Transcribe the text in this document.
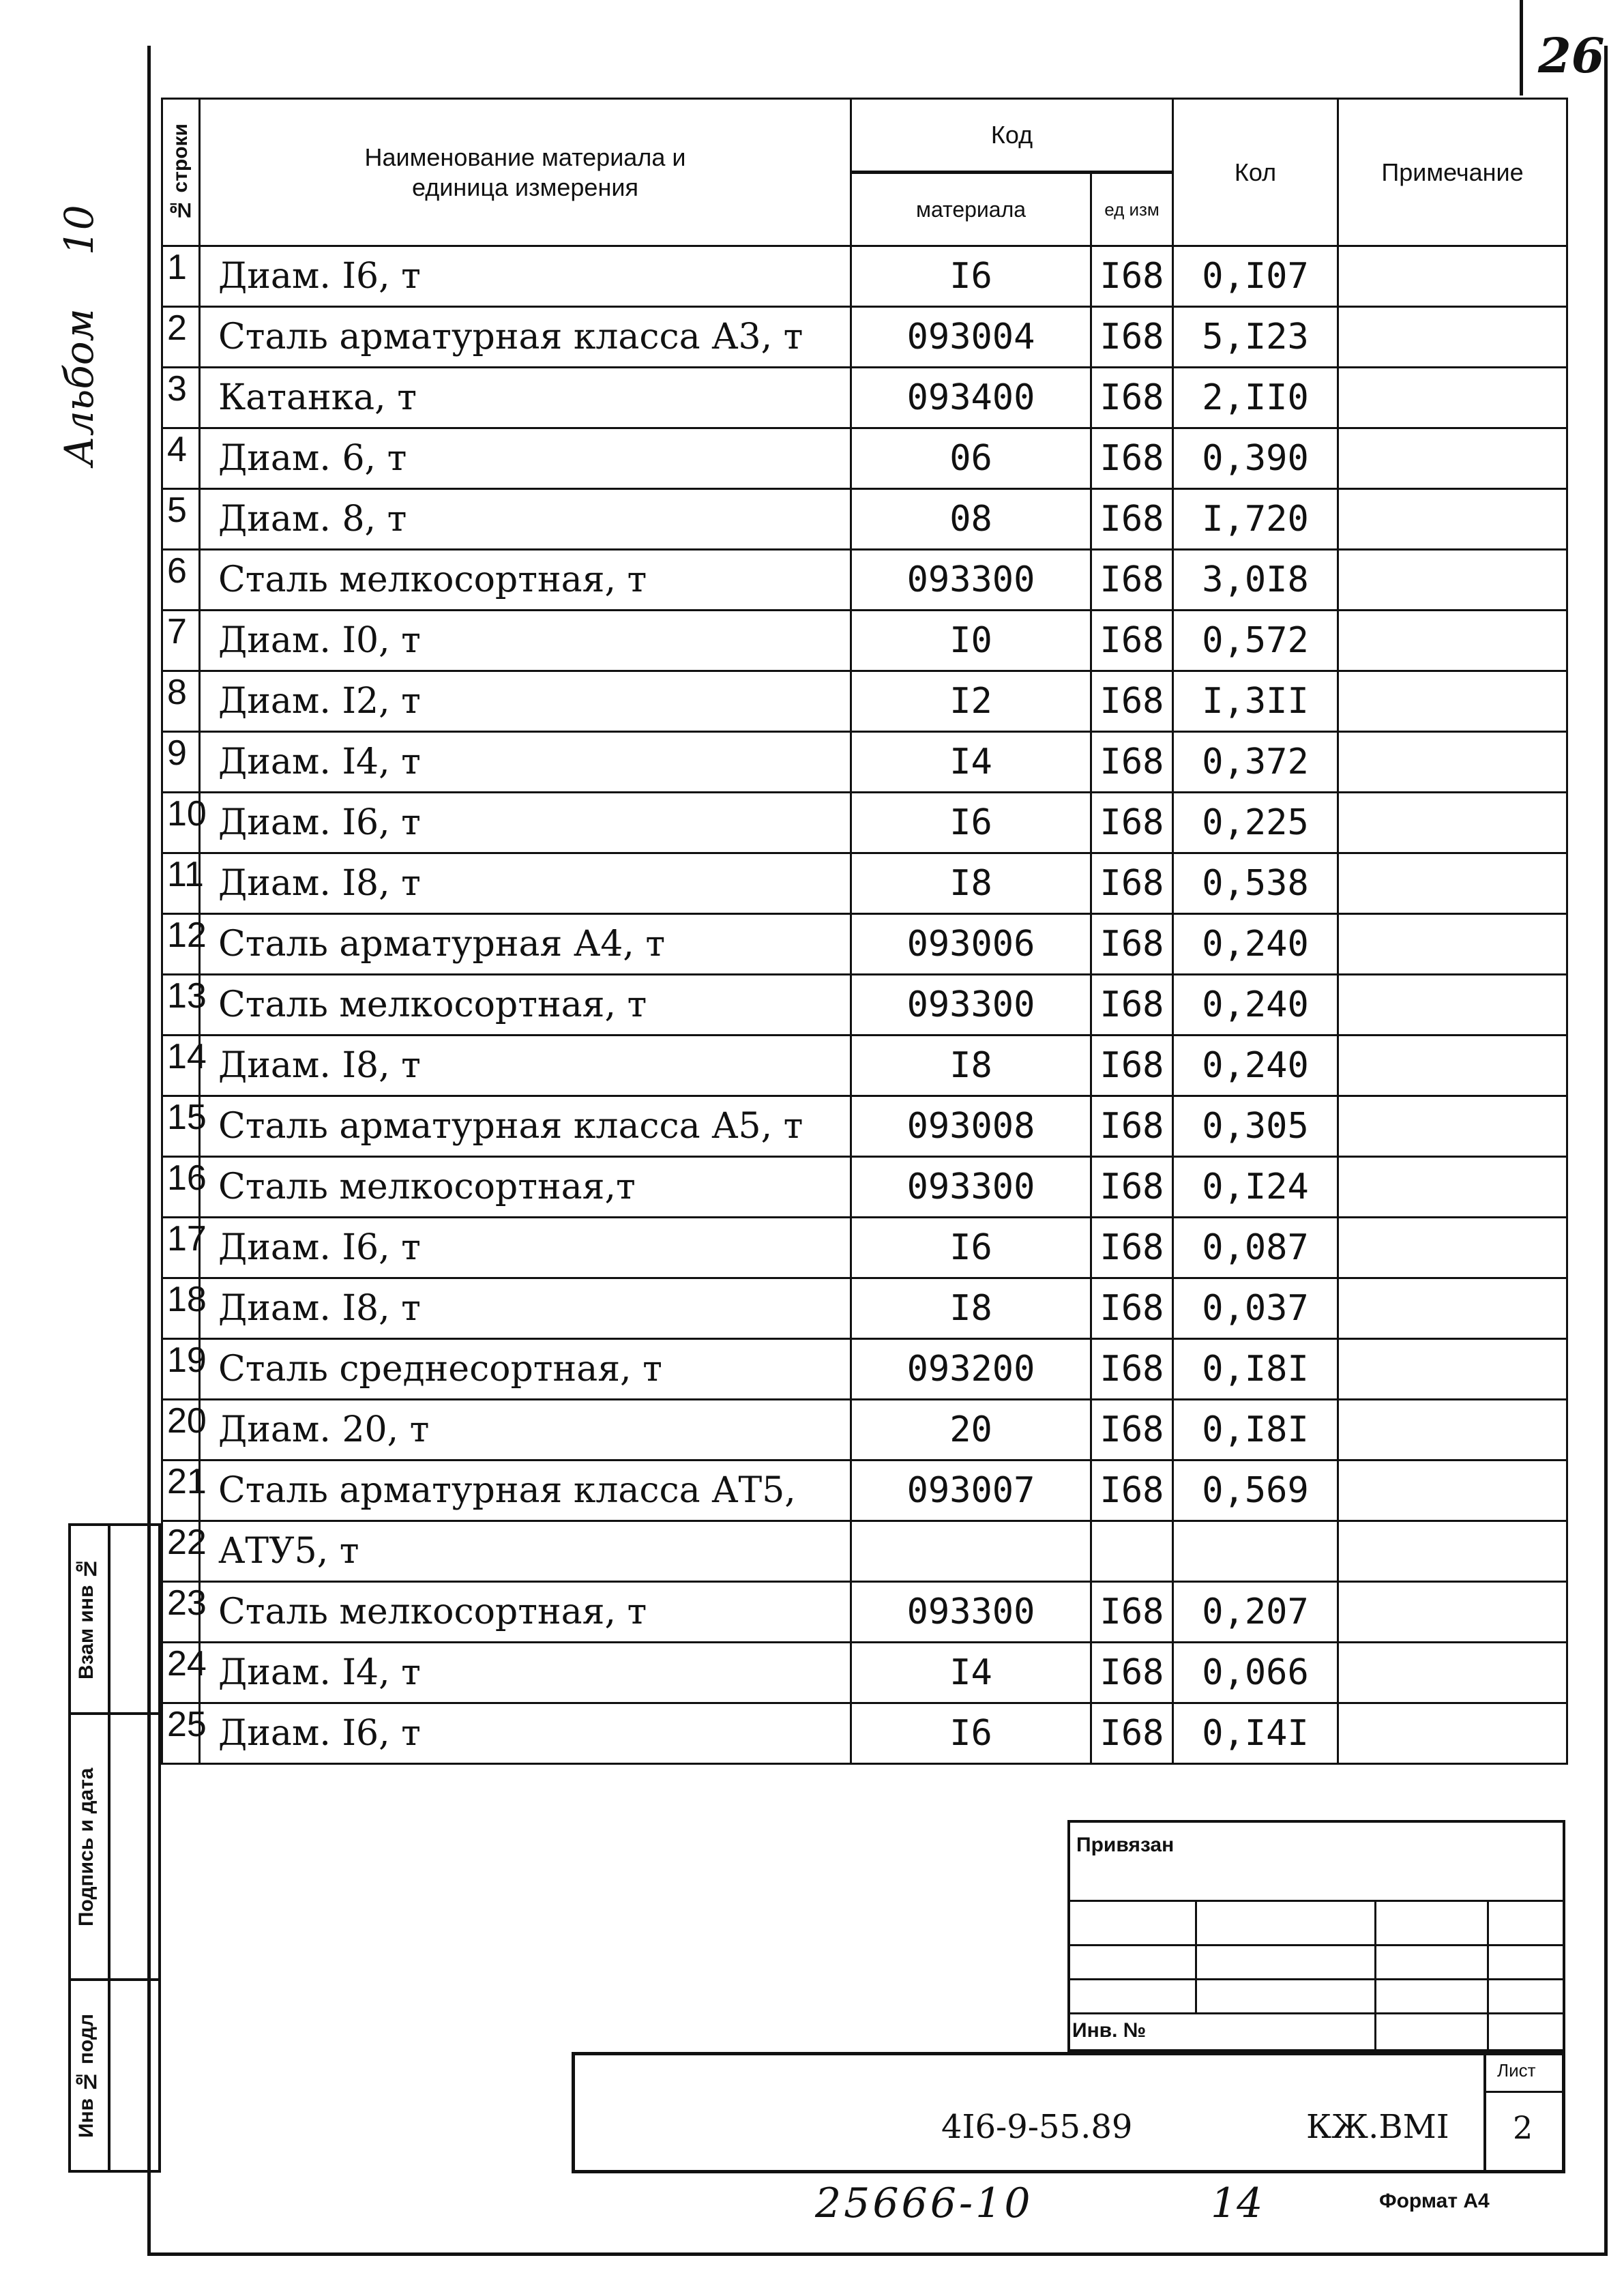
26
Альбом 10
№ строки	Наименование материала и единица измерения	Код		Кол	Примечание
		материала	ед изм		
1	Диам. I6, т	I6	I68	0,I07	
2	Сталь арматурная класса А3, т	093004	I68	5,I23	
3	Катанка, т	093400	I68	2,II0	
4	Диам. 6, т	06	I68	0,390	
5	Диам. 8, т	08	I68	I,720	
6	Сталь мелкосортная, т	093300	I68	3,0I8	
7	Диам. I0, т	I0	I68	0,572	
8	Диам. I2, т	I2	I68	I,3II	
9	Диам. I4, т	I4	I68	0,372	
10	Диам. I6, т	I6	I68	0,225	
11	Диам. I8, т	I8	I68	0,538	
12	Сталь арматурная А4, т	093006	I68	0,240	
13	Сталь мелкосортная, т	093300	I68	0,240	
14	Диам. I8, т	I8	I68	0,240	
15	Сталь арматурная класса А5, т	093008	I68	0,305	
16	Сталь мелкосортная,т	093300	I68	0,I24	
17	Диам. I6, т	I6	I68	0,087	
18	Диам. I8, т	I8	I68	0,037	
19	Сталь среднесортная, т	093200	I68	0,I8I	
20	Диам. 20, т	20	I68	0,I8I	
21	Сталь арматурная класса АТ5,	093007	I68	0,569	
22	АТУ5, т				
23	Сталь мелкосортная, т	093300	I68	0,207	
24	Диам. I4, т	I4	I68	0,066	
25	Диам. I6, т	I6	I68	0,I4I	
Взам инв №
Подпись и дата
Инв № подл
Привязан
Инв. №
4I6-9-55.89	КЖ.ВМI
Лист
2
25666-10	14	Формат А4
